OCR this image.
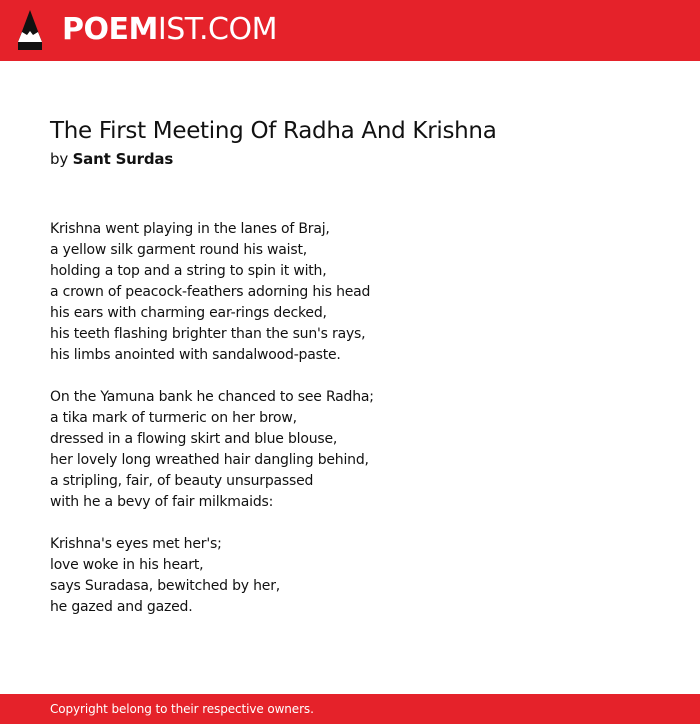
POEMIST.COM
The First Meeting Of Radha And Krishna
by Sant Surdas
Krishna went playing in the lanes of Braj,
a yellow silk garment round his waist,
holding a top and a string to spin it with,
a crown of peacock-feathers adorning his head
his ears with charming ear-rings decked,
his teeth flashing brighter than the sun's rays,
his limbs anointed with sandalwood-paste.
On the Yamuna bank he chanced to see Radha;
a tika mark of turmeric on her brow,
dressed in a flowing skirt and blue blouse,
her lovely long wreathed hair dangling behind,
a stripling, fair, of beauty unsurpassed
with he a bevy of fair milkmaids:
Krishna's eyes met her's;
love woke in his heart,
says Suradasa, bewitched by her,
he gazed and gazed.
Copyright belong to their respective owners.
